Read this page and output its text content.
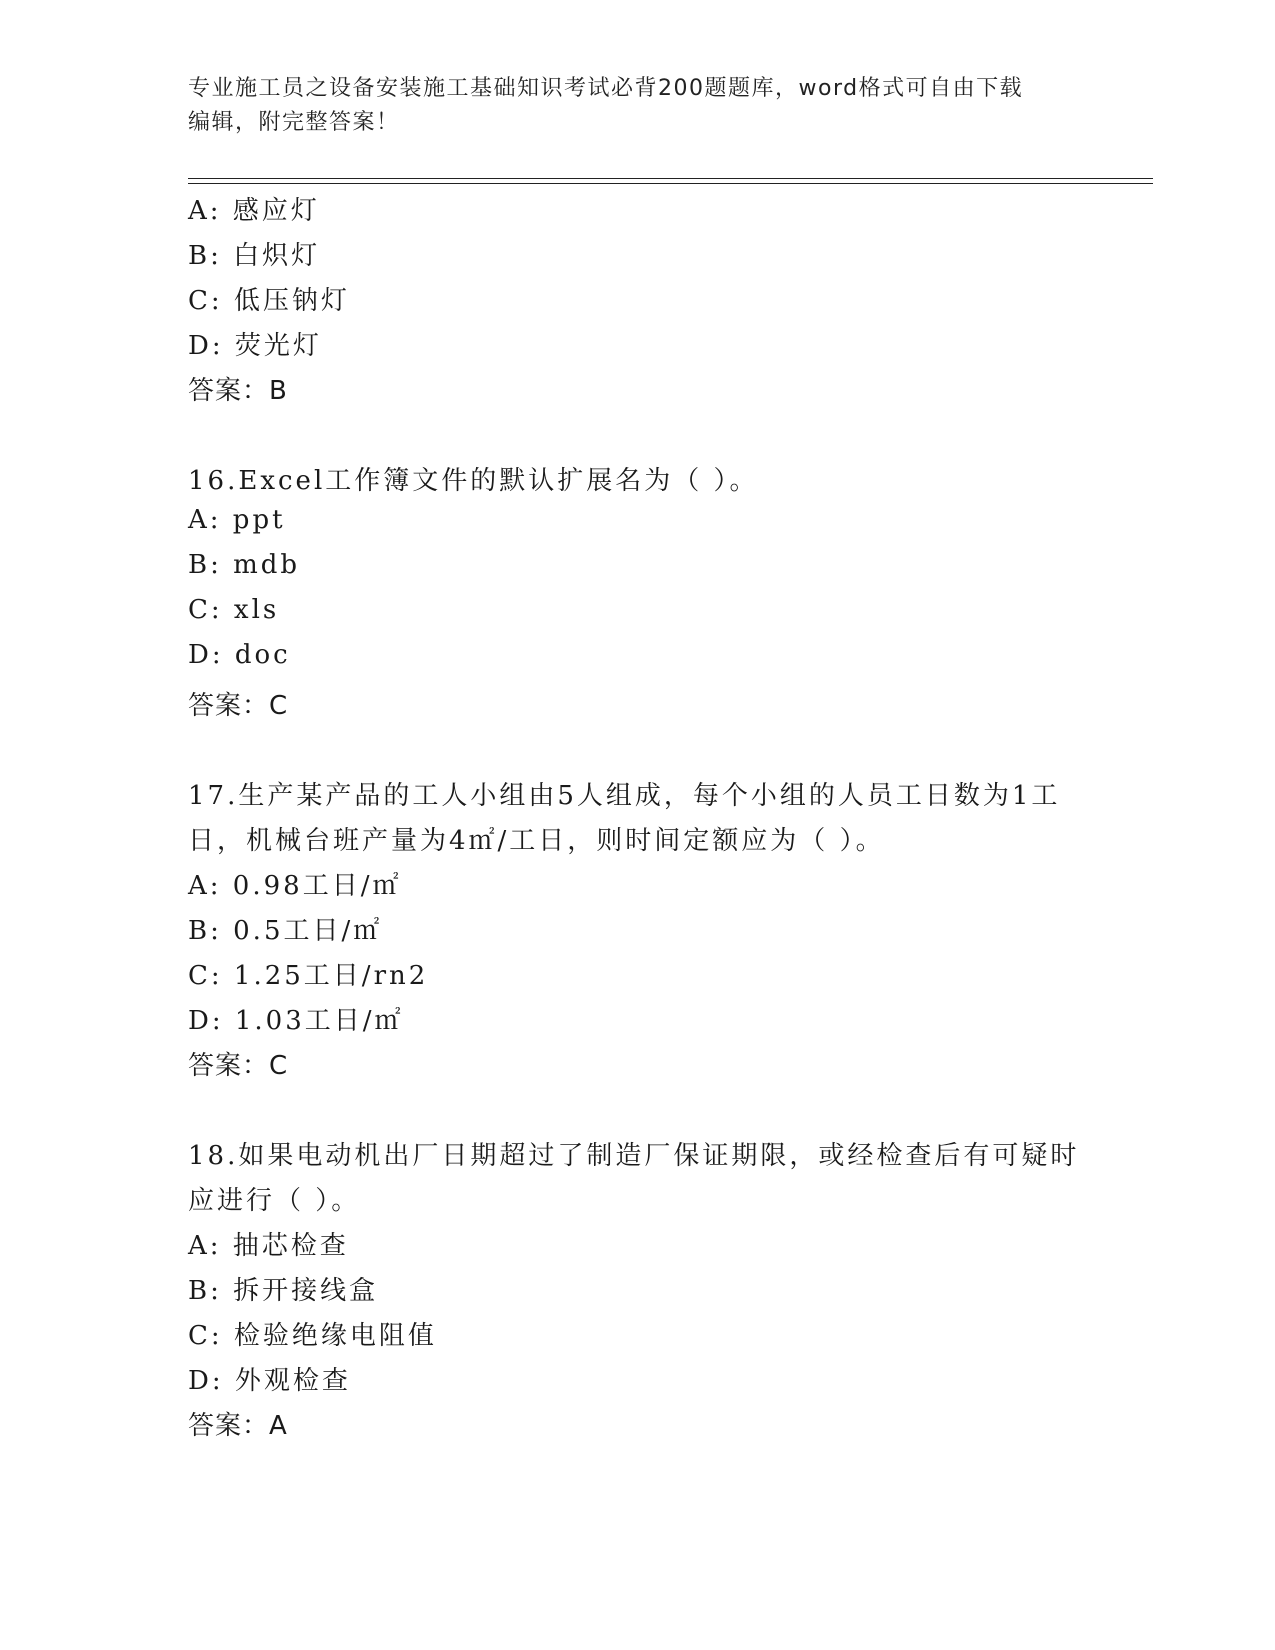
专业施工员之设备安装施工基础知识考试必背200题题库，word格式可自由下载
编辑，附完整答案！
A: 感应灯
B: 白炽灯
C: 低压钠灯
D: 荧光灯
答案：B
16.Excel工作簿文件的默认扩展名为（ ）。
A: ppt
B: mdb
C: xls
D: doc
答案：C
17.生产某产品的工人小组由5人组成，每个小组的人员工日数为1工
日，机械台班产量为4㎡/工日，则时间定额应为（ ）。
A: 0.98工日/㎡
B: 0.5工日/㎡
C: 1.25工日/rn2
D: 1.03工日/㎡
答案：C
18.如果电动机出厂日期超过了制造厂保证期限，或经检查后有可疑时
应进行（ ）。
A: 抽芯检查
B: 拆开接线盒
C: 检验绝缘电阻值
D: 外观检查
答案：A
